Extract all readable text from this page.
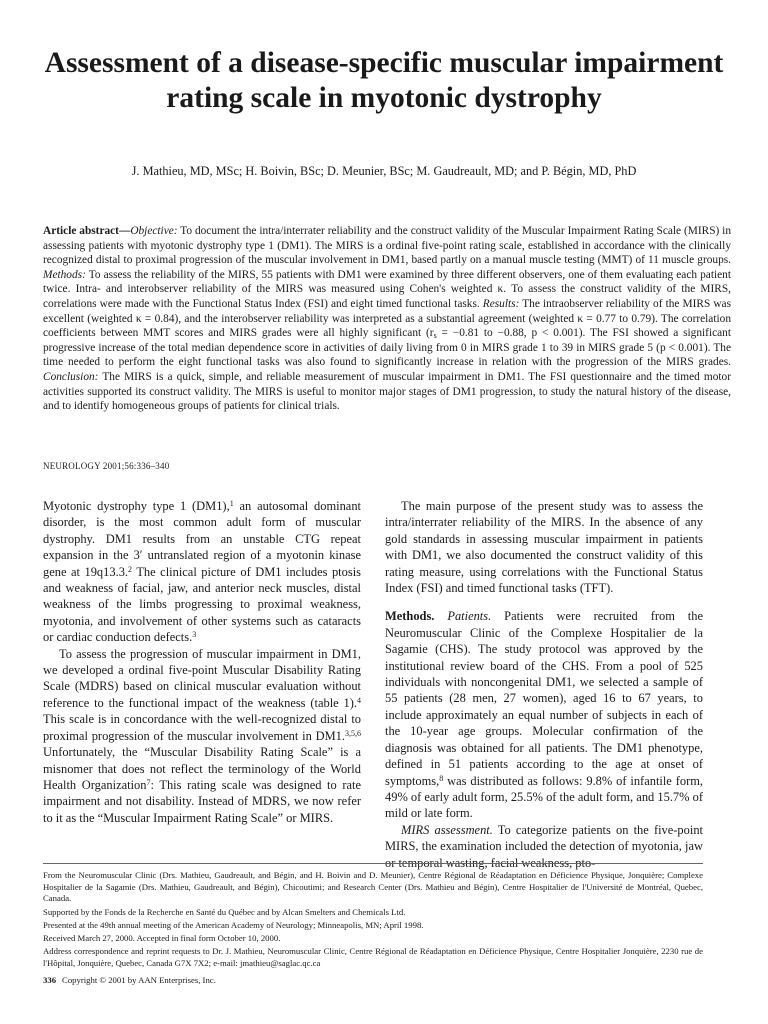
Assessment of a disease-specific muscular impairment rating scale in myotonic dystrophy
J. Mathieu, MD, MSc; H. Boivin, BSc; D. Meunier, BSc; M. Gaudreault, MD; and P. Bégin, MD, PhD

Article abstract—Objective: To document the intra/interrater reliability and the construct validity of the Muscular Impairment Rating Scale (MIRS) in assessing patients with myotonic dystrophy type 1 (DM1). The MIRS is a ordinal five-point rating scale, established in accordance with the clinically recognized distal to proximal progression of the muscular involvement in DM1, based partly on a manual muscle testing (MMT) of 11 muscle groups. Methods: To assess the reliability of the MIRS, 55 patients with DM1 were examined by three different observers, one of them evaluating each patient twice. Intra- and interobserver reliability of the MIRS was measured using Cohen's weighted κ. To assess the construct validity of the MIRS, correlations were made with the Functional Status Index (FSI) and eight timed functional tasks. Results: The intraobserver reliability of the MIRS was excellent (weighted κ = 0.84), and the interobserver reliability was interpreted as a substantial agreement (weighted κ = 0.77 to 0.79). The correlation coefficients between MMT scores and MIRS grades were all highly significant ($r_s = -0.81$ to −0.88, p < 0.001). The FSI showed a significant progressive increase of the total median dependence score in activities of daily living from 0 in MIRS grade 1 to 39 in MIRS grade 5 (p < 0.001). The time needed to perform the eight functional tasks was also found to significantly increase in relation with the progression of the MIRS grades. Conclusion: The MIRS is a quick, simple, and reliable measurement of muscular impairment in DM1. The FSI questionnaire and the timed motor activities supported its construct validity. The MIRS is useful to monitor major stages of DM1 progression, to study the natural history of the disease, and to identify homogeneous groups of patients for clinical trials.

NEUROLOGY 2001;56:336–340

Myotonic dystrophy type 1 (DM1),$^1$ an autosomal dominant disorder, is the most common adult form of muscular dystrophy. DM1 results from an unstable CTG repeat expansion in the 3′ untranslated region of a myotonin kinase gene at 19q13.3.$^2$ The clinical picture of DM1 includes ptosis and weakness of facial, jaw, and anterior neck muscles, distal weakness of the limbs progressing to proximal weakness, myotonia, and involvement of other systems such as cataracts or cardiac conduction defects.$^3$

To assess the progression of muscular impairment in DM1, we developed a ordinal five-point Muscular Disability Rating Scale (MDRS) based on clinical muscular evaluation without reference to the functional impact of the weakness (table 1).$^4$ This scale is in concordance with the well-recognized distal to proximal progression of the muscular involvement in DM1.$^{3,5,6}$ Unfortunately, the “Muscular Disability Rating Scale” is a misnomer that does not reflect the terminology of the World Health Organization$^7$: This rating scale was designed to rate impairment and not disability. Instead of MDRS, we now refer to it as the “Muscular Impairment Rating Scale” or MIRS.

The main purpose of the present study was to assess the intra/interrater reliability of the MIRS. In the absence of any gold standards in assessing muscular impairment in patients with DM1, we also documented the construct validity of this rating measure, using correlations with the Functional Status Index (FSI) and timed functional tasks (TFT).

Methods. Patients. Patients were recruited from the Neuromuscular Clinic of the Complexe Hospitalier de la Sagamie (CHS). The study protocol was approved by the institutional review board of the CHS. From a pool of 525 individuals with noncongenital DM1, we selected a sample of 55 patients (28 men, 27 women), aged 16 to 67 years, to include approximately an equal number of subjects in each of the 10-year age groups. Molecular confirmation of the diagnosis was obtained for all patients. The DM1 phenotype, defined in 51 patients according to the age at onset of symptoms,$^8$ was distributed as follows: 9.8% of infantile form, 49% of early adult form, 25.5% of the adult form, and 15.7% of mild or late form.

MIRS assessment. To categorize patients on the five-point MIRS, the examination included the detection of myotonia, jaw or temporal wasting, facial weakness, pto-

From the Neuromuscular Clinic (Drs. Mathieu, Gaudreault, and Bégin, and H. Boivin and D. Meunier), Centre Régional de Réadaptation en Déficience Physique, Jonquière; Complexe Hospitalier de la Sagamie (Drs. Mathieu, Gaudreault, and Bégin), Chicoutimi; and Research Center (Drs. Mathieu and Bégin), Centre Hospitalier de l'Université de Montréal, Quebec, Canada.

Supported by the Fonds de la Recherche en Santé du Québec and by Alcan Smelters and Chemicals Ltd.

Presented at the 49th annual meeting of the American Academy of Neurology; Minneapolis, MN; April 1998.

Received March 27, 2000. Accepted in final form October 10, 2000.

Address correspondence and reprint requests to Dr. J. Mathieu, Neuromuscular Clinic, Centre Régional de Réadaptation en Déficience Physique, Centre Hospitalier Jonquière, 2230 rue de l'Hôpital, Jonquière, Quebec, Canada G7X 7X2; e-mail: jmathieu@saglac.qc.ca

336 Copyright © 2001 by AAN Enterprises, Inc.
